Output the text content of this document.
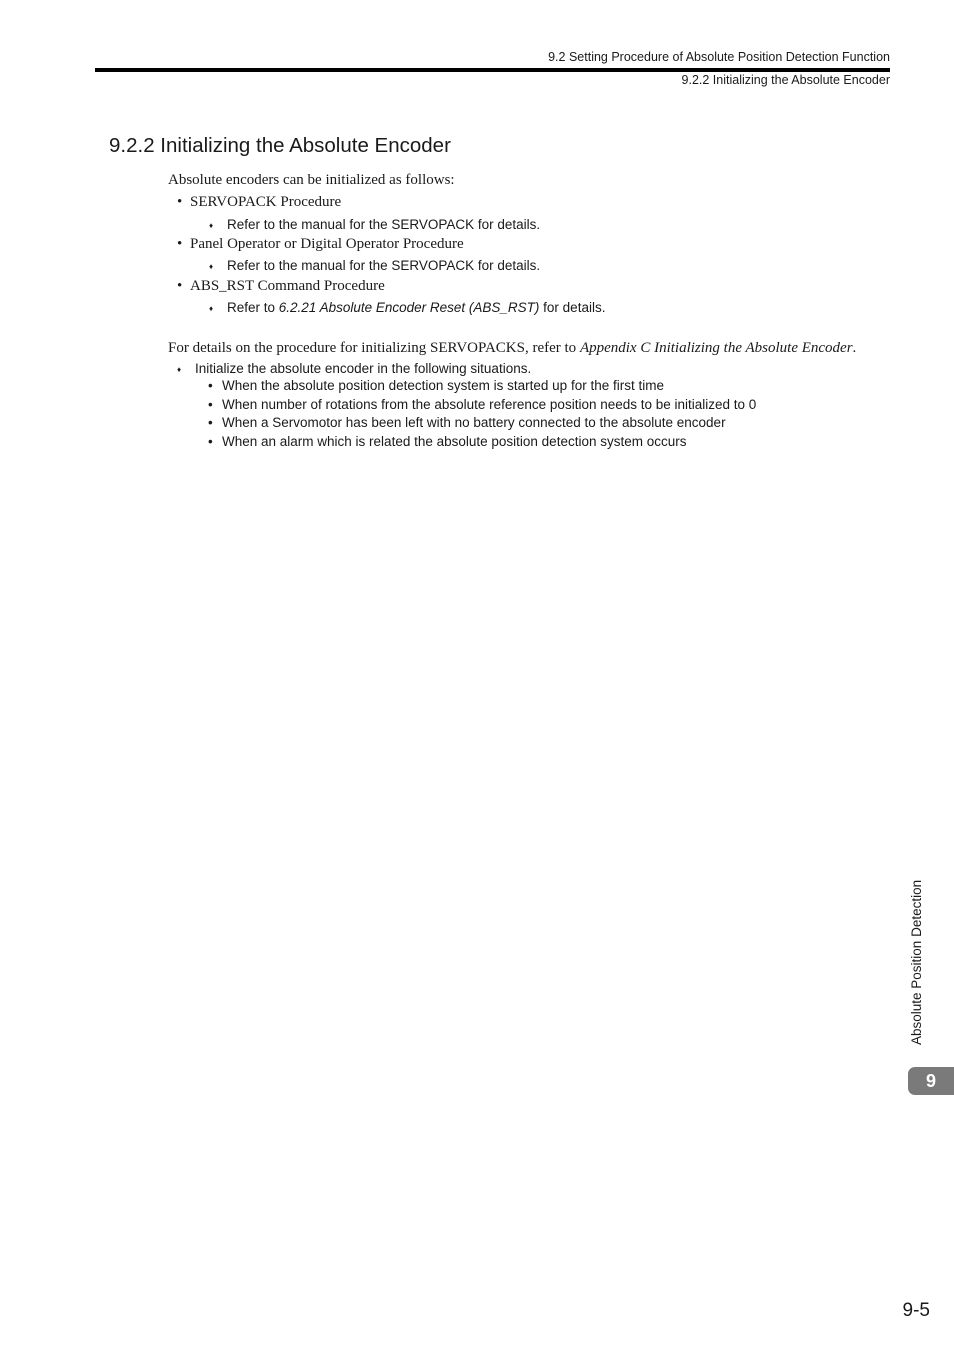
9.2 Setting Procedure of Absolute Position Detection Function
9.2.2 Initializing the Absolute Encoder
9.2.2 Initializing the Absolute Encoder
Absolute encoders can be initialized as follows:
• SERVOPACK Procedure
♦ Refer to the manual for the SERVOPACK for details.
• Panel Operator or Digital Operator Procedure
♦ Refer to the manual for the SERVOPACK for details.
• ABS_RST Command Procedure
♦ Refer to 6.2.21 Absolute Encoder Reset (ABS_RST) for details.
For details on the procedure for initializing SERVOPACKS, refer to Appendix C Initializing the Absolute Encoder.
♦ Initialize the absolute encoder in the following situations.
• When the absolute position detection system is started up for the first time
• When number of rotations from the absolute reference position needs to be initialized to 0
• When a Servomotor has been left with no battery connected to the absolute encoder
• When an alarm which is related the absolute position detection system occurs
Absolute Position Detection
9
9-5
